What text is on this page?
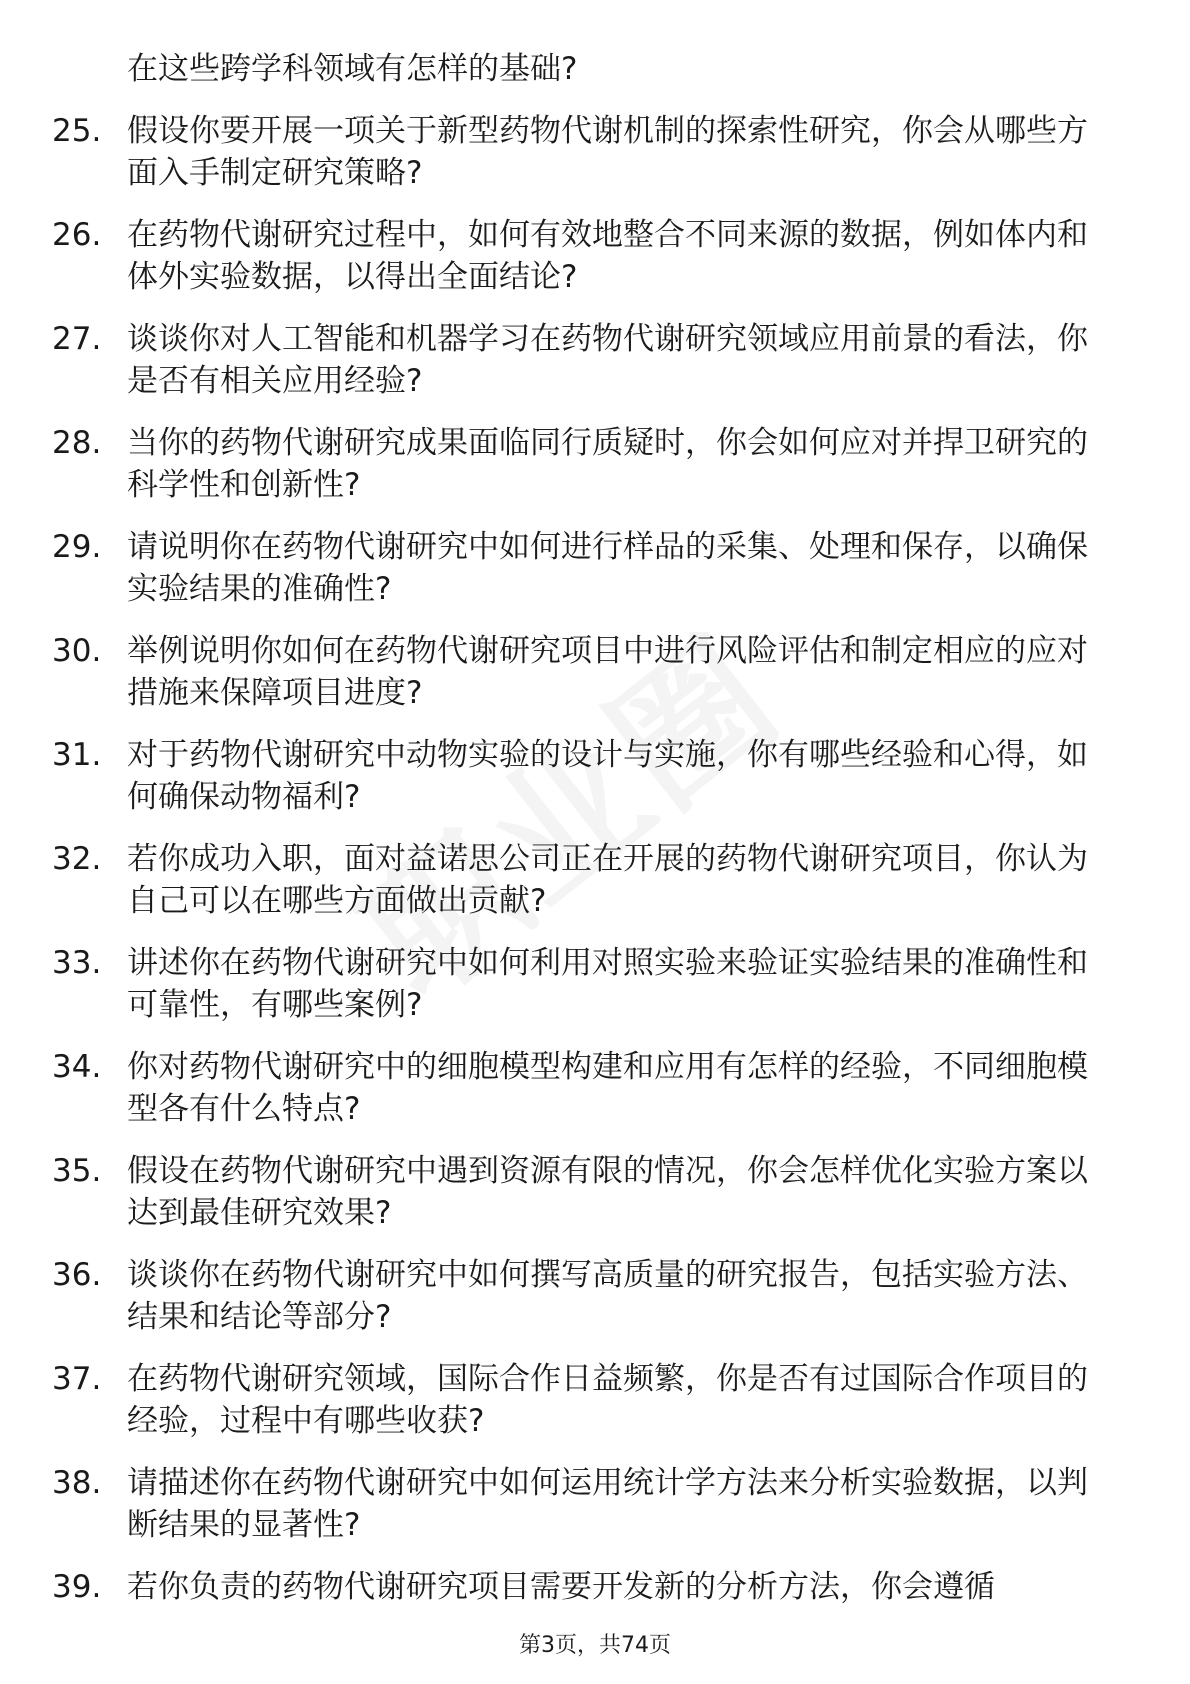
在这些跨学科领域有怎样的基础?
25. 假设你要开展一项关于新型药物代谢机制的探索性研究，你会从哪些方面入手制定研究策略?
26. 在药物代谢研究过程中，如何有效地整合不同来源的数据，例如体内和体外实验数据，以得出全面结论?
27. 谈谈你对人工智能和机器学习在药物代谢研究领域应用前景的看法，你是否有相关应用经验?
28. 当你的药物代谢研究成果面临同行质疑时，你会如何应对并捍卫研究的科学性和创新性?
29. 请说明你在药物代谢研究中如何进行样品的采集、处理和保存，以确保实验结果的准确性?
30. 举例说明你如何在药物代谢研究项目中进行风险评估和制定相应的应对措施来保障项目进度?
31. 对于药物代谢研究中动物实验的设计与实施，你有哪些经验和心得，如何确保动物福利?
32. 若你成功入职，面对益诺思公司正在开展的药物代谢研究项目，你认为自己可以在哪些方面做出贡献?
33. 讲述你在药物代谢研究中如何利用对照实验来验证实验结果的准确性和可靠性，有哪些案例?
34. 你对药物代谢研究中的细胞模型构建和应用有怎样的经验，不同细胞模型各有什么特点?
35. 假设在药物代谢研究中遇到资源有限的情况，你会怎样优化实验方案以达到最佳研究效果?
36. 谈谈你在药物代谢研究中如何撰写高质量的研究报告，包括实验方法、结果和结论等部分?
37. 在药物代谢研究领域，国际合作日益频繁，你是否有过国际合作项目的经验，过程中有哪些收获?
38. 请描述你在药物代谢研究中如何运用统计学方法来分析实验数据，以判断结果的显著性?
39. 若你负责的药物代谢研究项目需要开发新的分析方法，你会遵循
第3页，共74页
